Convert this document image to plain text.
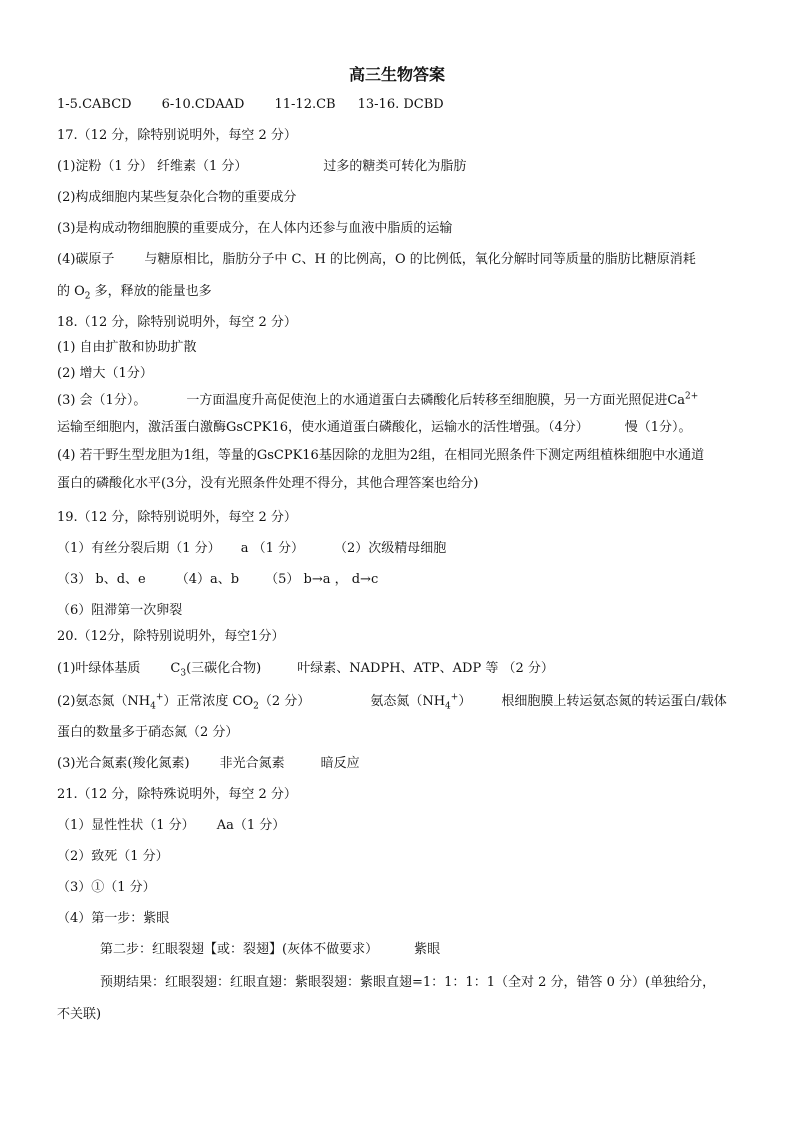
高三生物答案
1-5.CABCD 6-10.CDAAD 11-12.CB 13-16. DCBD
17.（12 分，除特别说明外，每空 2 分）
(1)淀粉（1 分） 纤维素（1 分）	过多的糖类可转化为脂肪
(2)构成细胞内某些复杂化合物的重要成分
(3)是构成动物细胞膜的重要成分，在人体内还参与血液中脂质的运输
(4)碳原子 与糖原相比，脂肪分子中 C、H 的比例高，O 的比例低，氧化分解时同等质量的脂肪比糖原消耗
的 $O_2$ 多，释放的能量也多
18.（12 分，除特别说明外，每空 2 分）
(1) 自由扩散和协助扩散
(2) 增大（1分）
(3) 会（1分）。	一方面温度升高促使泡上的水通道蛋白去磷酸化后转移至细胞膜，另一方面光照促进$Ca^{2+}$
运输至细胞内，激活蛋白激酶GsCPK16，使水通道蛋白磷酸化，运输水的活性增强。（4分）	慢（1分）。
(4) 若干野生型龙胆为1组，等量的GsCPK16基因除的龙胆为2组，在相同光照条件下测定两组植株细胞中水通道
蛋白的磷酸化水平(3分，没有光照条件处理不得分，其他合理答案也给分)
19.（12 分，除特别说明外，每空 2 分）
（1）有丝分裂后期（1 分） a （1 分） （2）次级精母细胞
（3） b、d、e （4）a、b （5） b→a ， d→c
（6）阻滞第一次卵裂
20.（12分，除特别说明外，每空1分）
(1)叶绿体基质 $C_3$(三碳化合物)	叶绿素、NADPH、ATP、ADP 等 （2 分）
(2)氨态氮$(NH_4^+)$正常浓度 $CO_2(2$ 分）	氨态氮$(NH_4^+)$ 根细胞膜上转运氨态氮的转运蛋白/载体
蛋白的数量多于硝态氮（2 分）
(3)光合氮素(羧化氮素) 非光合氮素	暗反应
21.（12 分，除特殊说明外，每空 2 分）
（1）显性性状（1 分） Aa（1 分）
（2）致死（1 分）
（3）①（1 分）
（4）第一步：紫眼
第二步：红眼裂翅【或：裂翅】(灰体不做要求）	紫眼
预期结果：红眼裂翅：红眼直翅：紫眼裂翅：紫眼直翅=1：1：1：1（全对 2 分，错答 0 分）(单独给分，
不关联)
